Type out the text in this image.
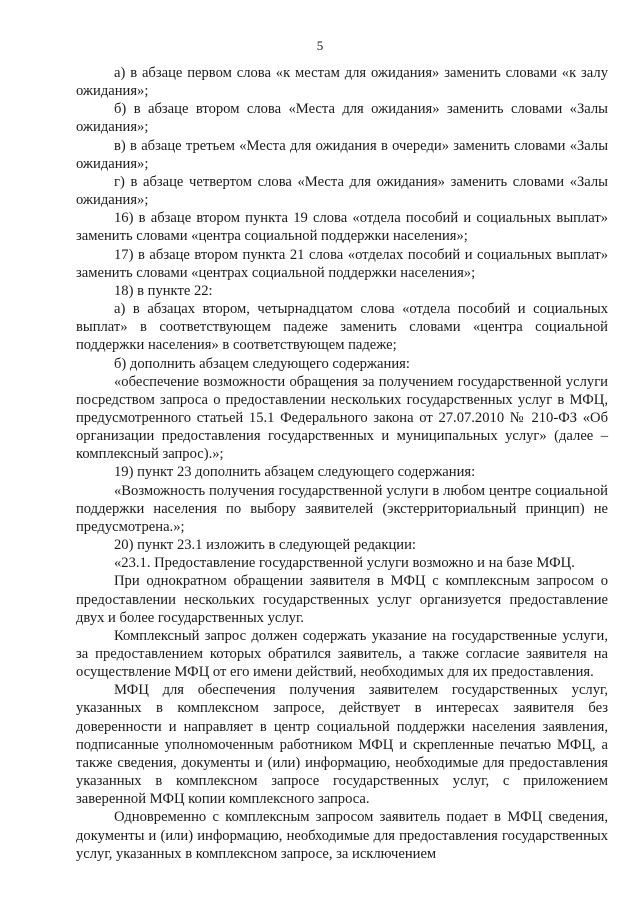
5

а) в абзаце первом слова «к местам для ожидания» заменить словами «к залу ожидания»;

б) в абзаце втором слова «Места для ожидания» заменить словами «Залы ожидания»;

в) в абзаце третьем «Места для ожидания в очереди» заменить словами «Залы ожидания»;

г) в абзаце четвертом слова «Места для ожидания» заменить словами «Залы ожидания»;

16) в абзаце втором пункта 19 слова «отдела пособий и социальных выплат» заменить словами «центра социальной поддержки населения»;

17) в абзаце втором пункта 21 слова «отделах пособий и социальных выплат» заменить словами «центрах социальной поддержки населения»;

18) в пункте 22:

а) в абзацах втором, четырнадцатом слова «отдела пособий и социальных выплат» в соответствующем падеже заменить словами «центра социальной поддержки населения» в соответствующем падеже;

б) дополнить абзацем следующего содержания:

«обеспечение возможности обращения за получением государственной услуги посредством запроса о предоставлении нескольких государственных услуг в МФЦ, предусмотренного статьей 15.1 Федерального закона от 27.07.2010 № 210-ФЗ «Об организации предоставления государственных и муниципальных услуг» (далее – комплексный запрос).»;

19) пункт 23 дополнить абзацем следующего содержания:

«Возможность получения государственной услуги в любом центре социальной поддержки населения по выбору заявителей (экстерриториальный принцип) не предусмотрена.»;

20) пункт 23.1 изложить в следующей редакции:

«23.1. Предоставление государственной услуги возможно и на базе МФЦ.

При однократном обращении заявителя в МФЦ с комплексным запросом о предоставлении нескольких государственных услуг организуется предоставление двух и более государственных услуг.

Комплексный запрос должен содержать указание на государственные услуги, за предоставлением которых обратился заявитель, а также согласие заявителя на осуществление МФЦ от его имени действий, необходимых для их предоставления.

МФЦ для обеспечения получения заявителем государственных услуг, указанных в комплексном запросе, действует в интересах заявителя без доверенности и направляет в центр социальной поддержки населения заявления, подписанные уполномоченным работником МФЦ и скрепленные печатью МФЦ, а также сведения, документы и (или) информацию, необходимые для предоставления указанных в комплексном запросе государственных услуг, с приложением заверенной МФЦ копии комплексного запроса.

Одновременно с комплексным запросом заявитель подает в МФЦ сведения, документы и (или) информацию, необходимые для предоставления государственных услуг, указанных в комплексном запросе, за исключением
